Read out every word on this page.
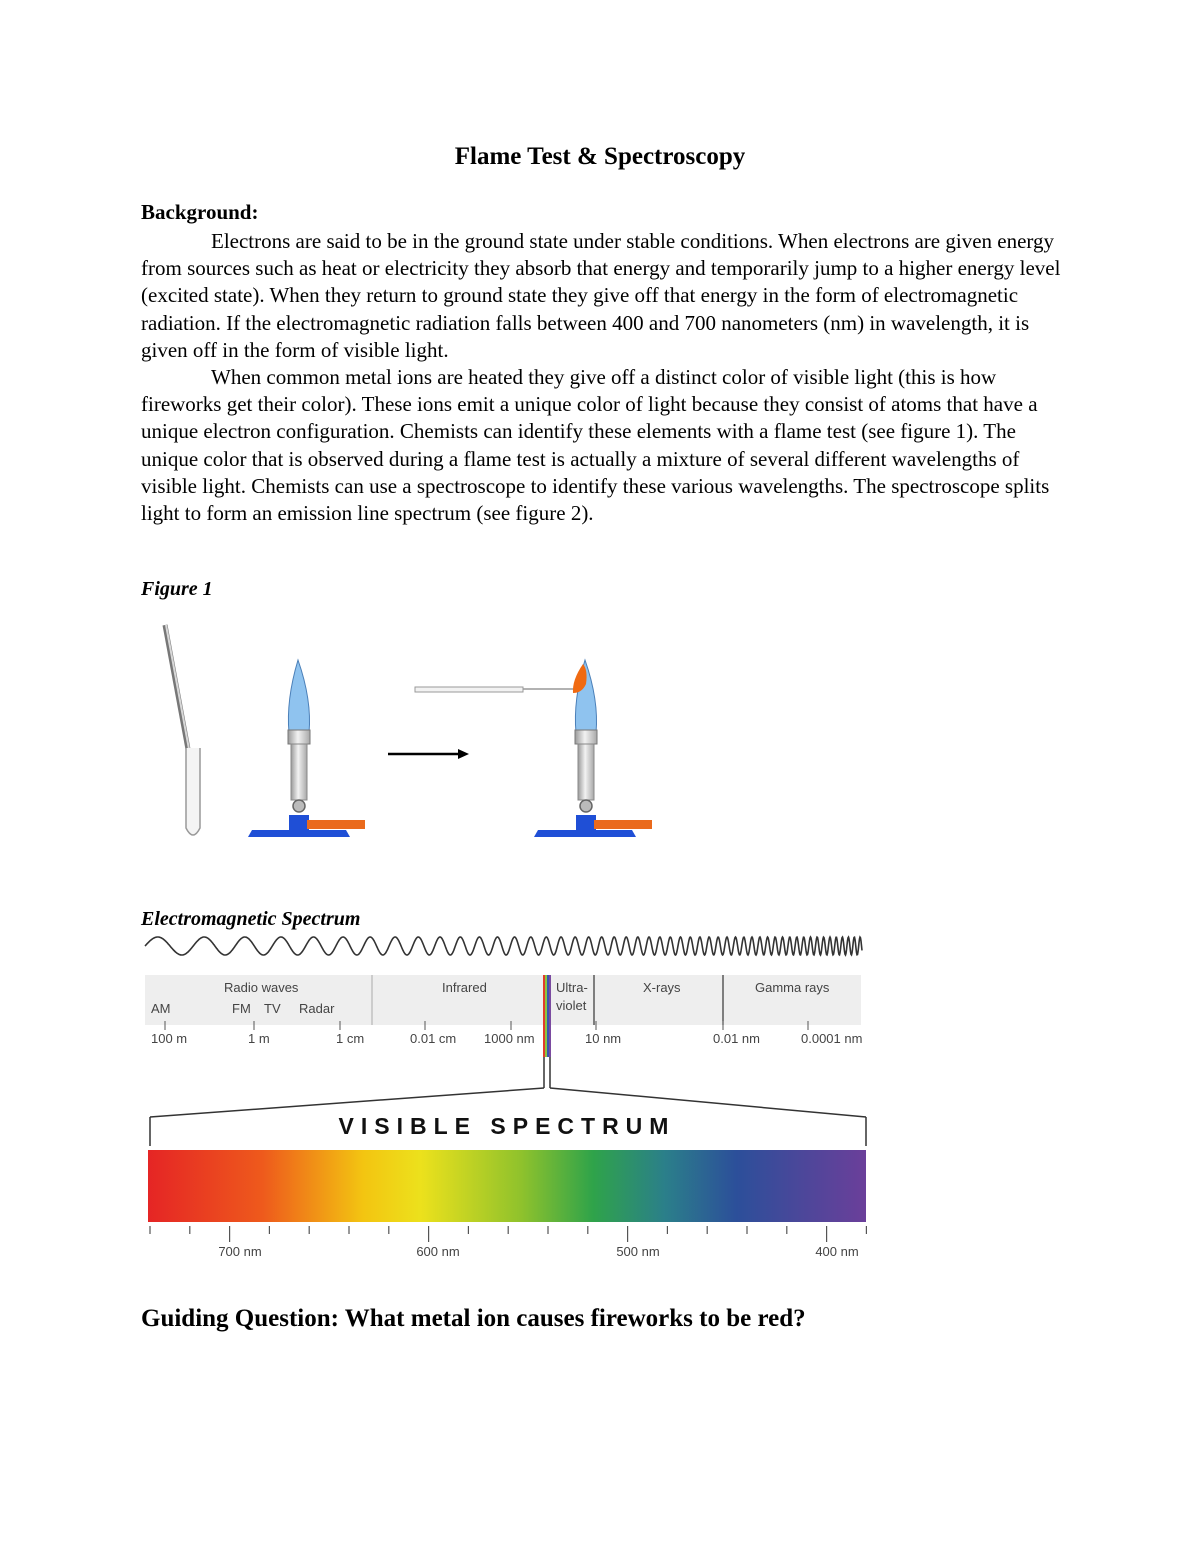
Flame Test & Spectroscopy
Background:

Electrons are said to be in the ground state under stable conditions. When electrons are given energy from sources such as heat or electricity they absorb that energy and temporarily jump to a higher energy level (excited state). When they return to ground state they give off that energy in the form of electromagnetic radiation. If the electromagnetic radiation falls between 400 and 700 nanometers (nm) in wavelength, it is given off in the form of visible light.

When common metal ions are heated they give off a distinct color of visible light (this is how fireworks get their color). These ions emit a unique color of light because they consist of atoms that have a unique electron configuration. Chemists can identify these elements with a flame test (see figure 1). The unique color that is observed during a flame test is actually a mixture of several different wavelengths of visible light. Chemists can use a spectroscope to identify these various wavelengths. The spectroscope splits light to form an emission line spectrum (see figure 2).

Figure 1
Radio waves
AM	FM TV Radar
Infrared	Ultra-
violet
X-rays	Gamma rays
100 m	1 m	1 cm	0.01 cm 1000 nm	10 nm	0.01 nm	0.0001 nm
VISIBLE SPECTRUM
700 nm	600 nm	500 nm	400 nm
Electromagnetic Spectrum
Guiding Question: What metal ion causes fireworks to be red?
